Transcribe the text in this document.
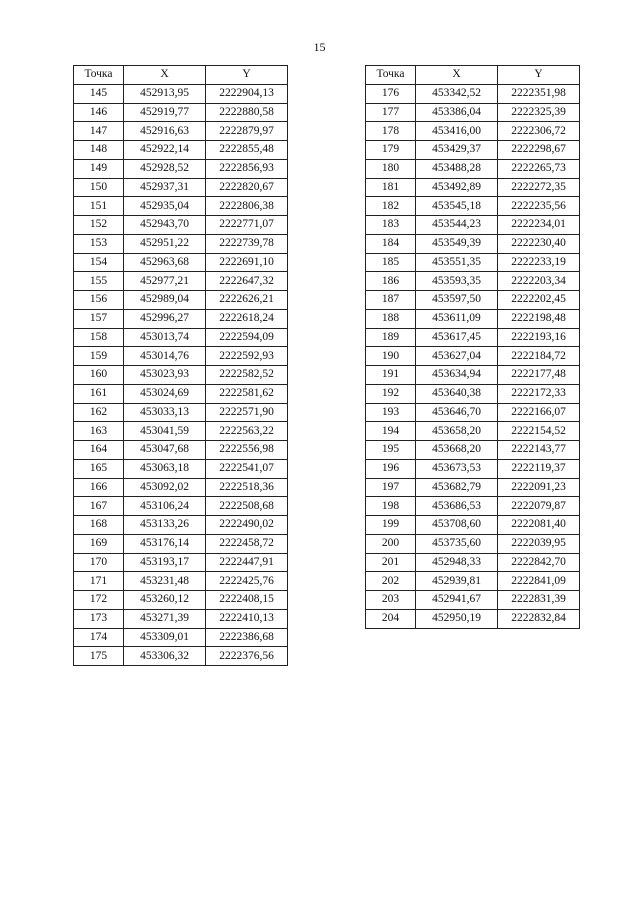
15
Точка	X	Y
145	452913,95	2222904,13
146	452919,77	2222880,58
147	452916,63	2222879,97
148	452922,14	2222855,48
149	452928,52	2222856,93
150	452937,31	2222820,67
151	452935,04	2222806,38
152	452943,70	2222771,07
153	452951,22	2222739,78
154	452963,68	2222691,10
155	452977,21	2222647,32
156	452989,04	2222626,21
157	452996,27	2222618,24
158	453013,74	2222594,09
159	453014,76	2222592,93
160	453023,93	2222582,52
161	453024,69	2222581,62
162	453033,13	2222571,90
163	453041,59	2222563,22
164	453047,68	2222556,98
165	453063,18	2222541,07
166	453092,02	2222518,36
167	453106,24	2222508,68
168	453133,26	2222490,02
169	453176,14	2222458,72
170	453193,17	2222447,91
171	453231,48	2222425,76
172	453260,12	2222408,15
173	453271,39	2222410,13
174	453309,01	2222386,68
175	453306,32	2222376,56
Точка	X	Y
176	453342,52	2222351,98
177	453386,04	2222325,39
178	453416,00	2222306,72
179	453429,37	2222298,67
180	453488,28	2222265,73
181	453492,89	2222272,35
182	453545,18	2222235,56
183	453544,23	2222234,01
184	453549,39	2222230,40
185	453551,35	2222233,19
186	453593,35	2222203,34
187	453597,50	2222202,45
188	453611,09	2222198,48
189	453617,45	2222193,16
190	453627,04	2222184,72
191	453634,94	2222177,48
192	453640,38	2222172,33
193	453646,70	2222166,07
194	453658,20	2222154,52
195	453668,20	2222143,77
196	453673,53	2222119,37
197	453682,79	2222091,23
198	453686,53	2222079,87
199	453708,60	2222081,40
200	453735,60	2222039,95
201	452948,33	2222842,70
202	452939,81	2222841,09
203	452941,67	2222831,39
204	452950,19	2222832,84
